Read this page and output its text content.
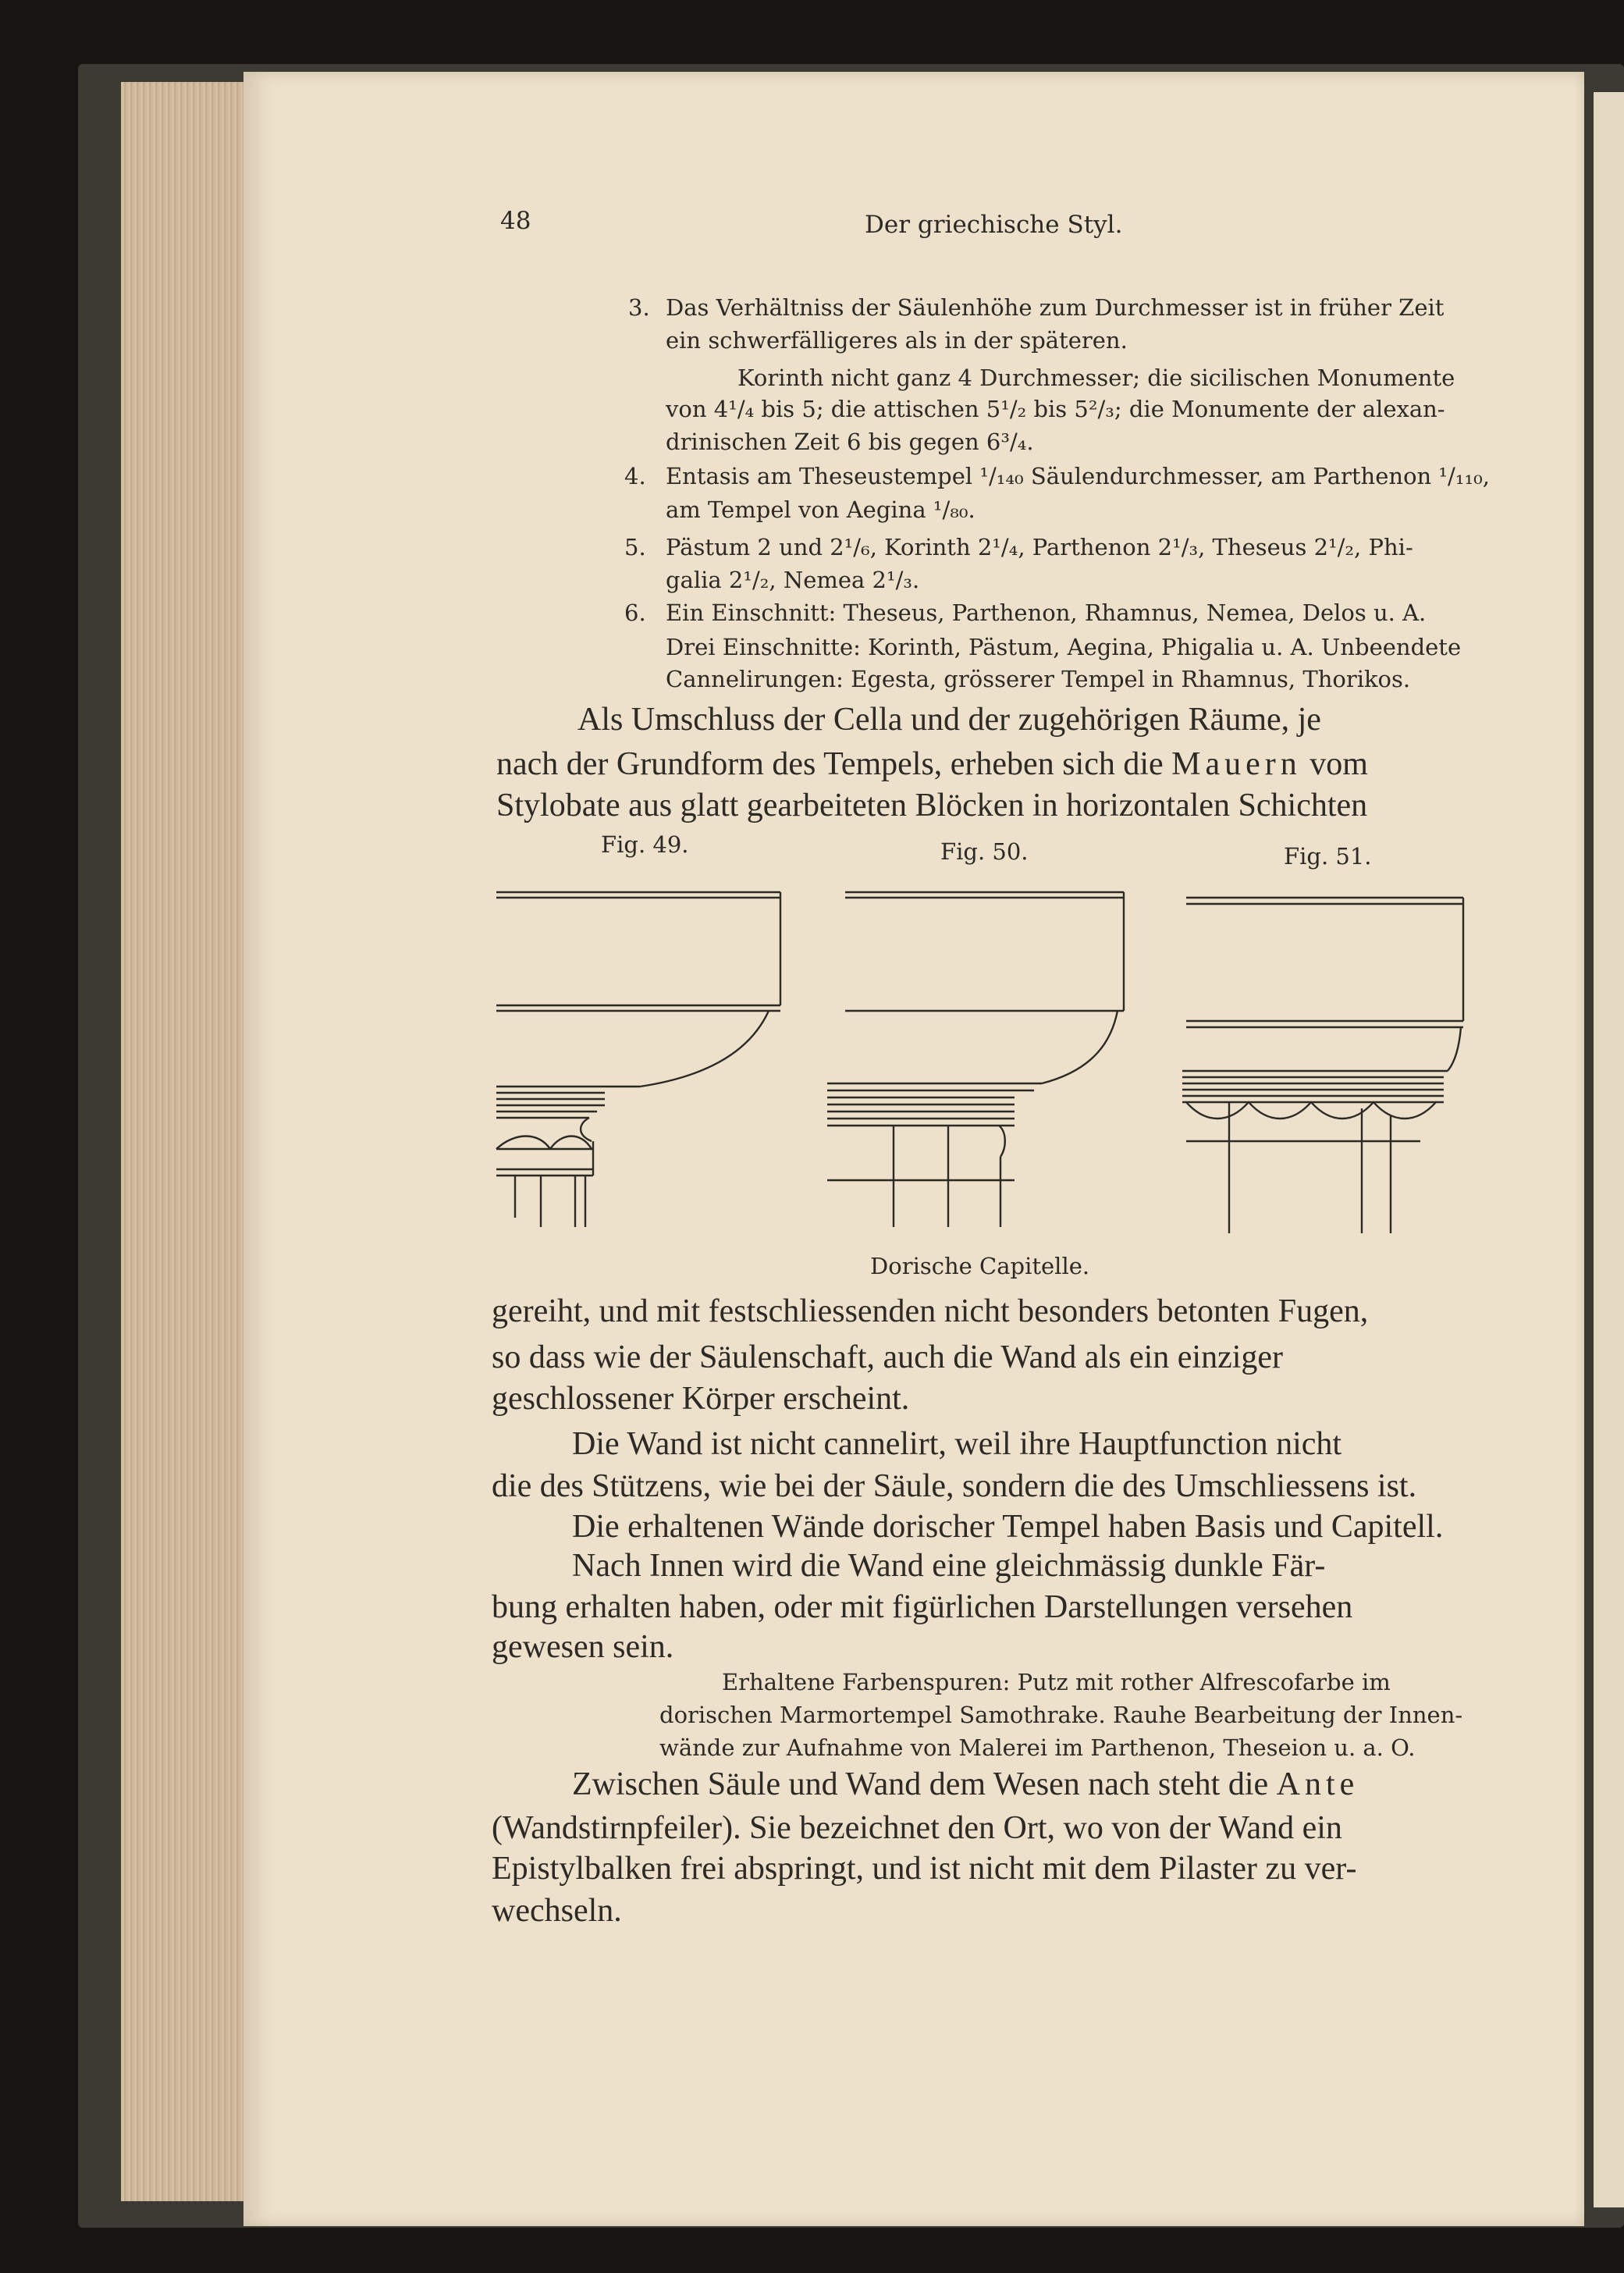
48	Der griechische Styl.
3. Das Verhältniss der Säulenhöhe zum Durchmesser ist in früher Zeit
ein schwerfälligeres als in der späteren.
Korinth nicht ganz 4 Durchmesser; die sicilischen Monumente
von 4¹/₄ bis 5; die attischen 5¹/₂ bis 5²/₃; die Monumente der alexan-
drinischen Zeit 6 bis gegen 6³/₄.
4. Entasis am Theseustempel ¹/₁₄₀ Säulendurchmesser, am Parthenon ¹/₁₁₀,
am Tempel von Aegina ¹/₈₀.
5. Pästum 2 und 2¹/₆, Korinth 2¹/₄, Parthenon 2¹/₃, Theseus 2¹/₂, Phi-
galia 2¹/₂, Nemea 2¹/₃.
6. Ein Einschnitt: Theseus, Parthenon, Rhamnus, Nemea, Delos u. A.
Drei Einschnitte: Korinth, Pästum, Aegina, Phigalia u. A. Unbeendete
Cannelirungen: Egesta, grösserer Tempel in Rhamnus, Thorikos.
Als Umschluss der Cella und der zugehörigen Räume, je
nach der Grundform des Tempels, erheben sich die Mauern vom
Stylobate aus glatt gearbeiteten Blöcken in horizontalen Schichten
Fig. 49.	Fig. 50.	Fig. 51.
Dorische Capitelle.
gereiht, und mit festschliessenden nicht besonders betonten Fugen,
so dass wie der Säulenschaft, auch die Wand als ein einziger
geschlossener Körper erscheint.
Die Wand ist nicht cannelirt, weil ihre Hauptfunction nicht
die des Stützens, wie bei der Säule, sondern die des Umschliessens ist.
Die erhaltenen Wände dorischer Tempel haben Basis und Capitell.
Nach Innen wird die Wand eine gleichmässig dunkle Fär-
bung erhalten haben, oder mit figürlichen Darstellungen versehen
gewesen sein.
Erhaltene Farbenspuren: Putz mit rother Alfrescofarbe im
dorischen Marmortempel Samothrake. Rauhe Bearbeitung der Innen-
wände zur Aufnahme von Malerei im Parthenon, Theseion u. a. O.
Zwischen Säule und Wand dem Wesen nach steht die Ante
(Wandstirnpfeiler). Sie bezeichnet den Ort, wo von der Wand ein
Epistylbalken frei abspringt, und ist nicht mit dem Pilaster zu ver-
wechseln.
